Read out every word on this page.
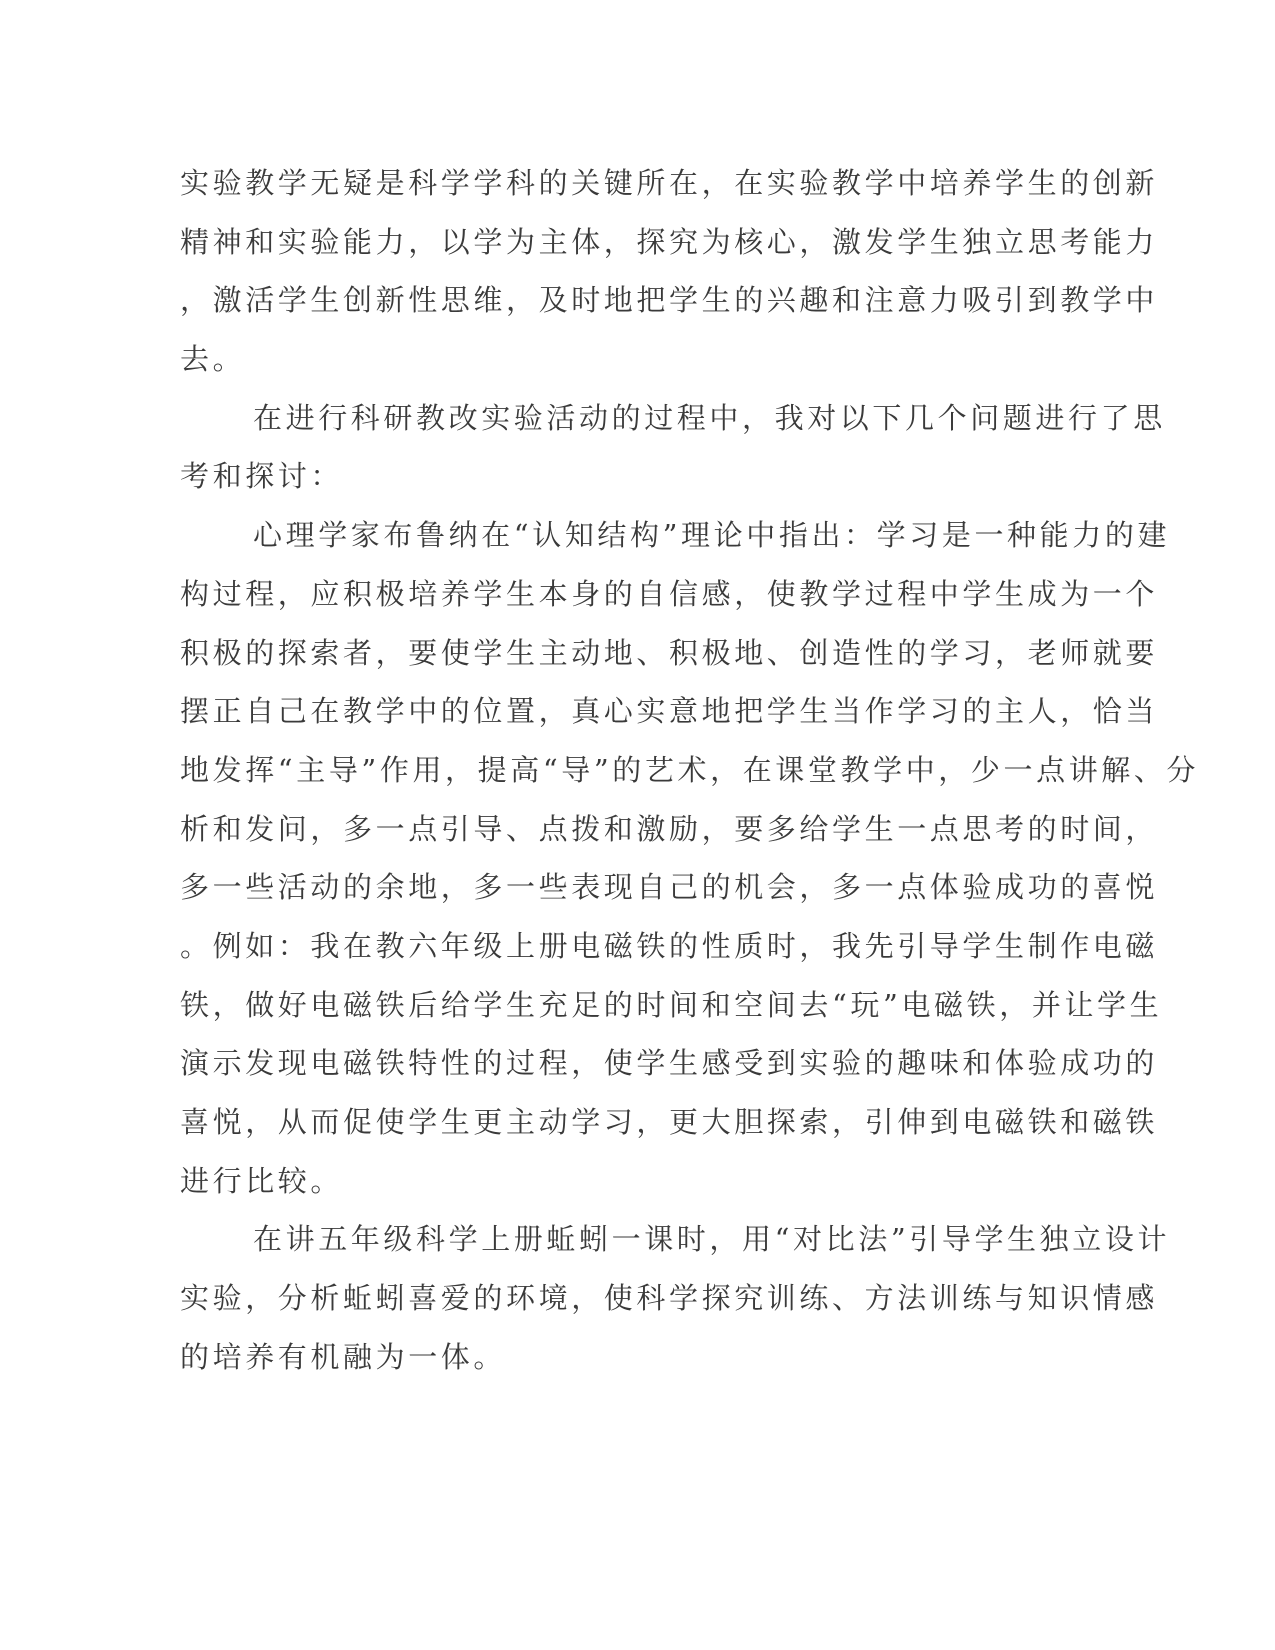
实验教学无疑是科学学科的关键所在，在实验教学中培养学生的创新

精神和实验能力，以学为主体，探究为核心，激发学生独立思考能力

，激活学生创新性思维，及时地把学生的兴趣和注意力吸引到教学中

去。

在进行科研教改实验活动的过程中，我对以下几个问题进行了思

考和探讨：

心理学家布鲁纳在“认知结构”理论中指出：学习是一种能力的建

构过程，应积极培养学生本身的自信感，使教学过程中学生成为一个

积极的探索者，要使学生主动地、积极地、创造性的学习，老师就要

摆正自己在教学中的位置，真心实意地把学生当作学习的主人，恰当

地发挥“主导”作用，提高“导”的艺术，在课堂教学中，少一点讲解、分

析和发问，多一点引导、点拨和激励，要多给学生一点思考的时间，

多一些活动的余地，多一些表现自己的机会，多一点体验成功的喜悦

。例如：我在教六年级上册电磁铁的性质时，我先引导学生制作电磁

铁，做好电磁铁后给学生充足的时间和空间去“玩”电磁铁，并让学生

演示发现电磁铁特性的过程，使学生感受到实验的趣味和体验成功的

喜悦，从而促使学生更主动学习，更大胆探索，引伸到电磁铁和磁铁

进行比较。

在讲五年级科学上册蚯蚓一课时，用“对比法”引导学生独立设计

实验，分析蚯蚓喜爱的环境，使科学探究训练、方法训练与知识情感

的培养有机融为一体。
